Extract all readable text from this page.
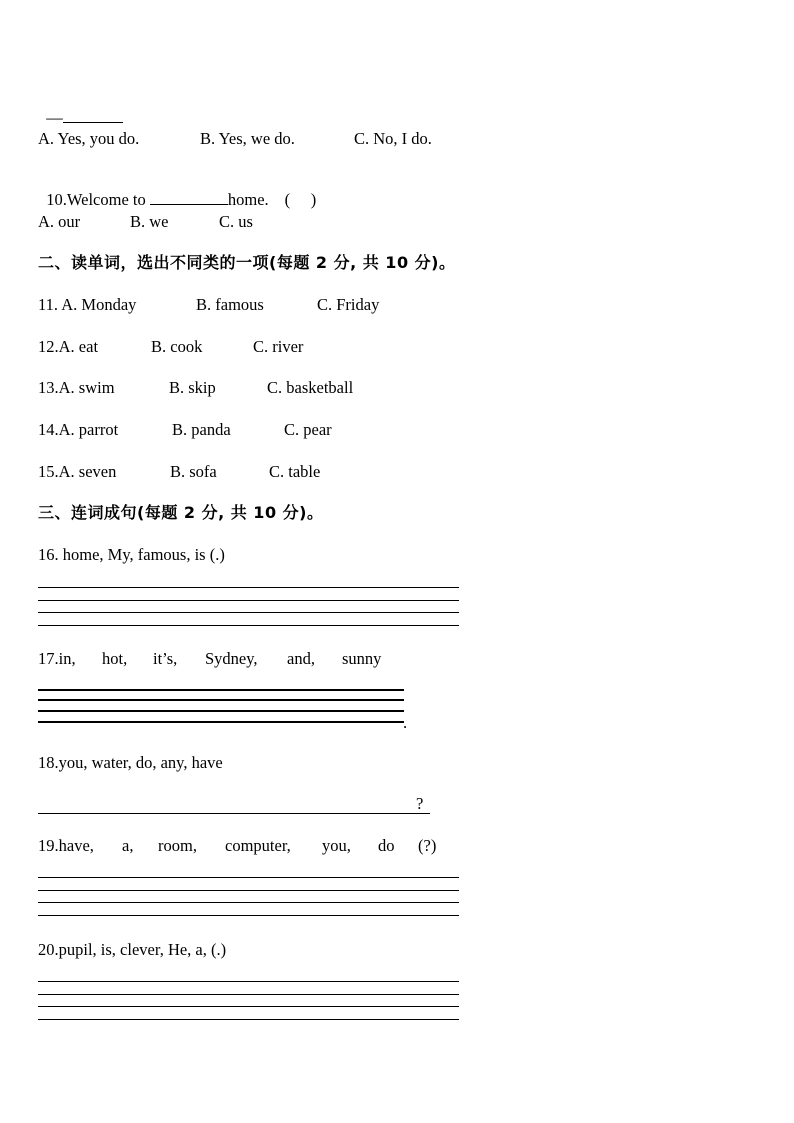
—

A. Yes, you do.	B. Yes, we do.	C. No, I do.

10.Welcome to	home. (     )

A. our	B. we	C. us
二、读单词，选出不同类的一项(每题 2 分, 共 10 分)。
11. A. Monday	B. famous	C. Friday
12.A. eat	B. cook	C. river
13.A. swim	B. skip	C. basketball
14.A. parrot	B. panda	C. pear
15.A. seven	B. sofa	C. table
三、连词成句(每题 2 分, 共 10 分)。
16. home, My, famous, is (.)
17.in, hot, it’s, Sydney, and, sunny
.
18.you, water, do, any, have
?
19.have, a, room, computer, you, do (?)
20.pupil, is, clever, He, a, (.)
